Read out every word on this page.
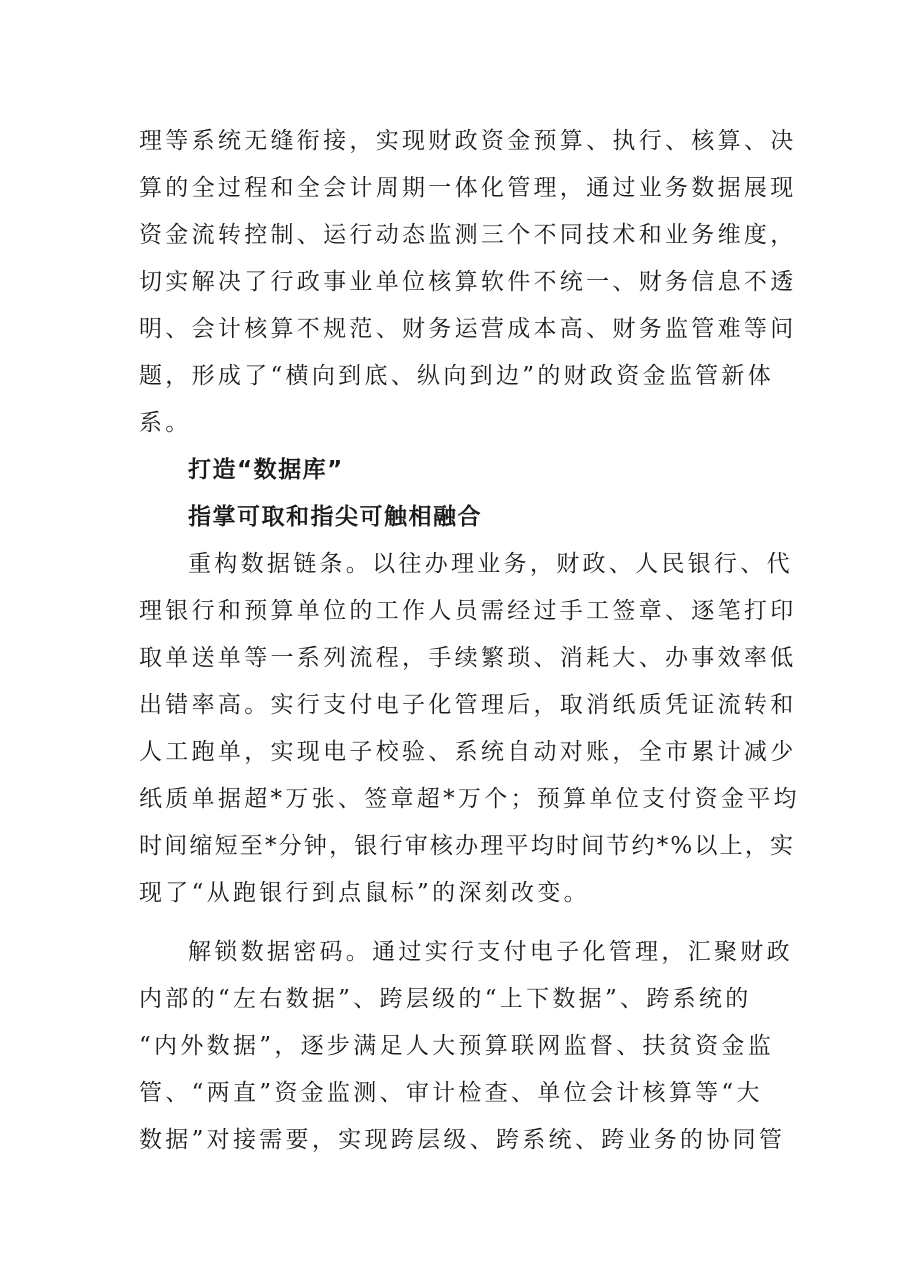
理等系统无缝衔接，实现财政资金预算、执行、核算、决
算的全过程和全会计周期一体化管理，通过业务数据展现
资金流转控制、运行动态监测三个不同技术和业务维度，
切实解决了行政事业单位核算软件不统一、财务信息不透
明、会计核算不规范、财务运营成本高、财务监管难等问
题，形成了“横向到底、纵向到边”的财政资金监管新体
系。
打造“数据库”
指掌可取和指尖可触相融合
重构数据链条。以往办理业务，财政、人民银行、代
理银行和预算单位的工作人员需经过手工签章、逐笔打印
取单送单等一系列流程，手续繁琐、消耗大、办事效率低
出错率高。实行支付电子化管理后，取消纸质凭证流转和
人工跑单，实现电子校验、系统自动对账，全市累计减少
纸质单据超*万张、签章超*万个；预算单位支付资金平均
时间缩短至*分钟，银行审核办理平均时间节约*%以上，实
现了“从跑银行到点鼠标”的深刻改变。
解锁数据密码。通过实行支付电子化管理，汇聚财政
内部的“左右数据”、跨层级的“上下数据”、跨系统的
“内外数据”，逐步满足人大预算联网监督、扶贫资金监
管、“两直”资金监测、审计检查、单位会计核算等“大
数据”对接需要，实现跨层级、跨系统、跨业务的协同管
